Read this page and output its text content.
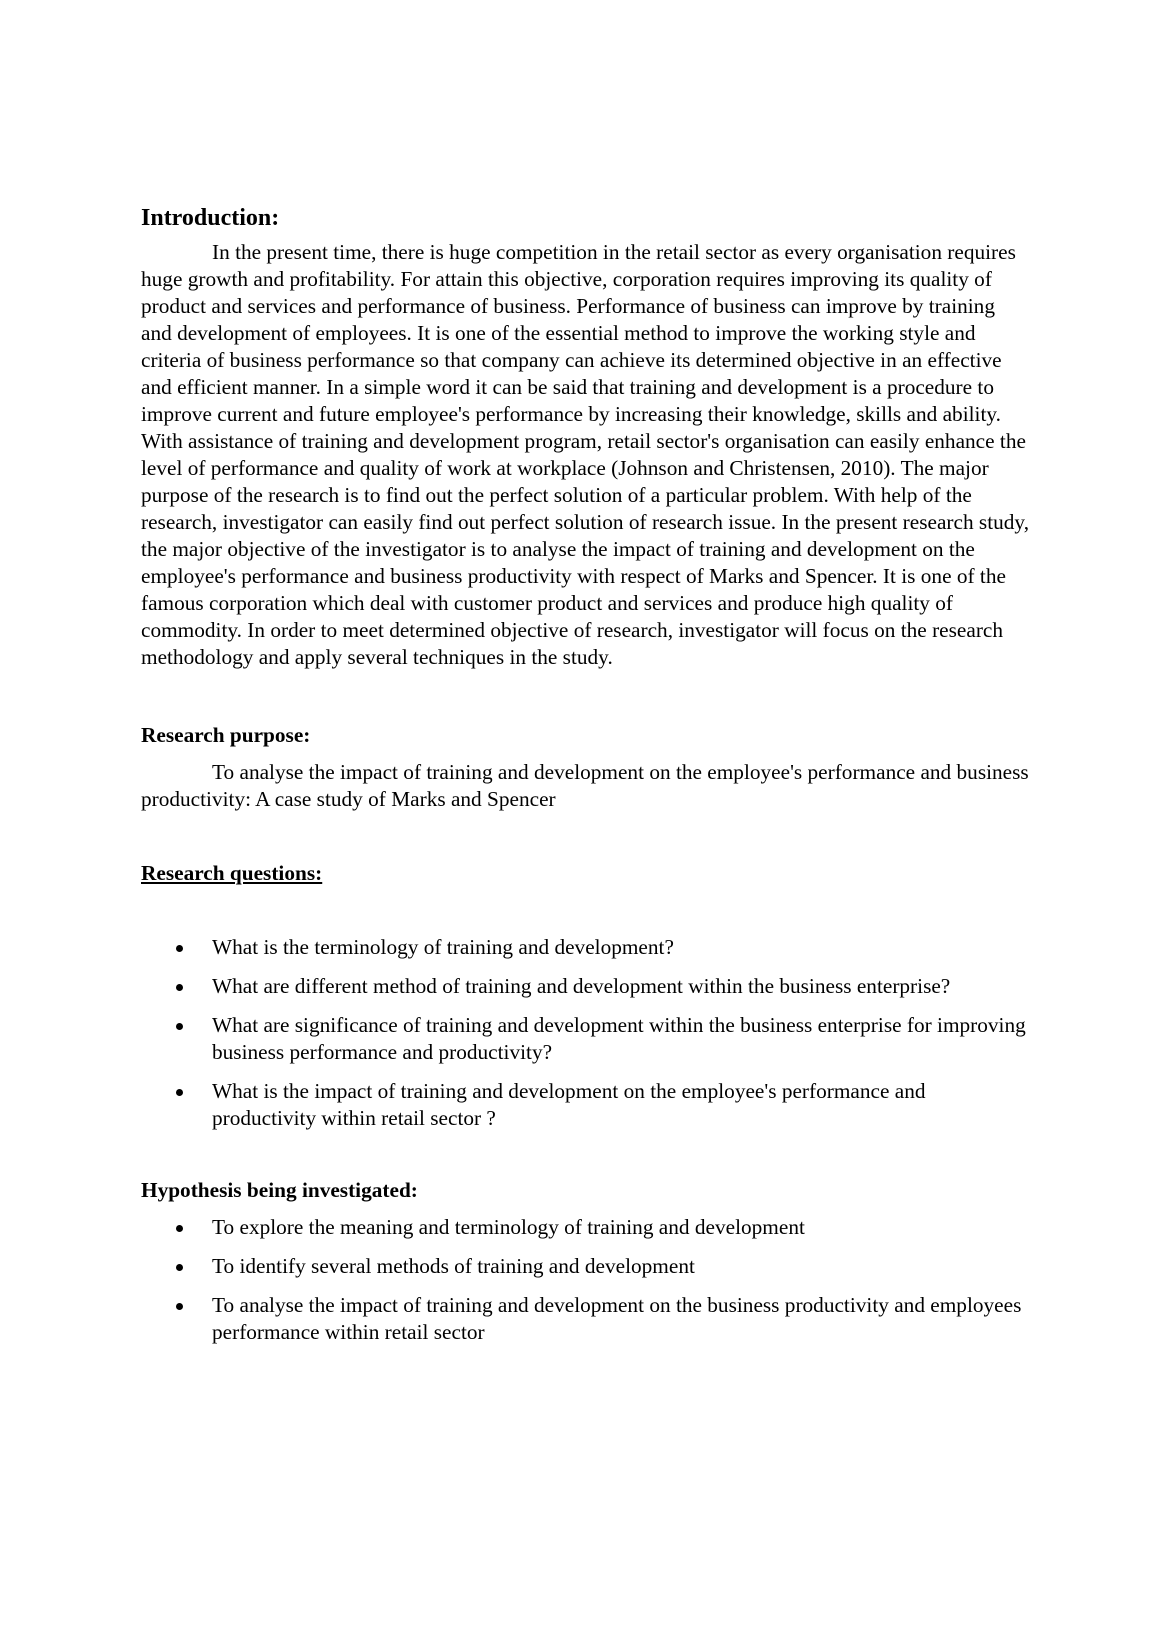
Introduction:

In the present time, there is huge competition in the retail sector as every organisation requires huge growth and profitability. For attain this objective, corporation requires improving its quality of product and services and performance of business. Performance of business can improve by training and development of employees. It is one of the essential method to improve the working style and criteria of business performance so that company can achieve its determined objective in an effective and efficient manner. In a simple word it can be said that training and development is a procedure to improve current and future employee's performance by increasing their knowledge, skills and ability. With assistance of training and development program, retail sector's organisation can easily enhance the level of performance and quality of work at workplace (Johnson and Christensen, 2010). The major purpose of the research is to find out the perfect solution of a particular problem. With help of the research, investigator can easily find out perfect solution of research issue. In the present research study, the major objective of the investigator is to analyse the impact of training and development on the employee's performance and business productivity with respect of Marks and Spencer. It is one of the famous corporation which deal with customer product and services and produce high quality of commodity. In order to meet determined objective of research, investigator will focus on the research methodology and apply several techniques in the study.

Research purpose:

To analyse the impact of training and development on the employee's performance and business productivity: A case study of Marks and Spencer

Research questions:
What is the terminology of training and development?
What are different method of training and development within the business enterprise?
What are significance of training and development within the business enterprise for improving business performance and productivity?
What is the impact of training and development on the employee's performance and productivity within retail sector ?
Hypothesis being investigated:
To explore the meaning and terminology of training and development
To identify several methods of training and development
To analyse the impact of training and development on the business productivity and employees performance within retail sector
